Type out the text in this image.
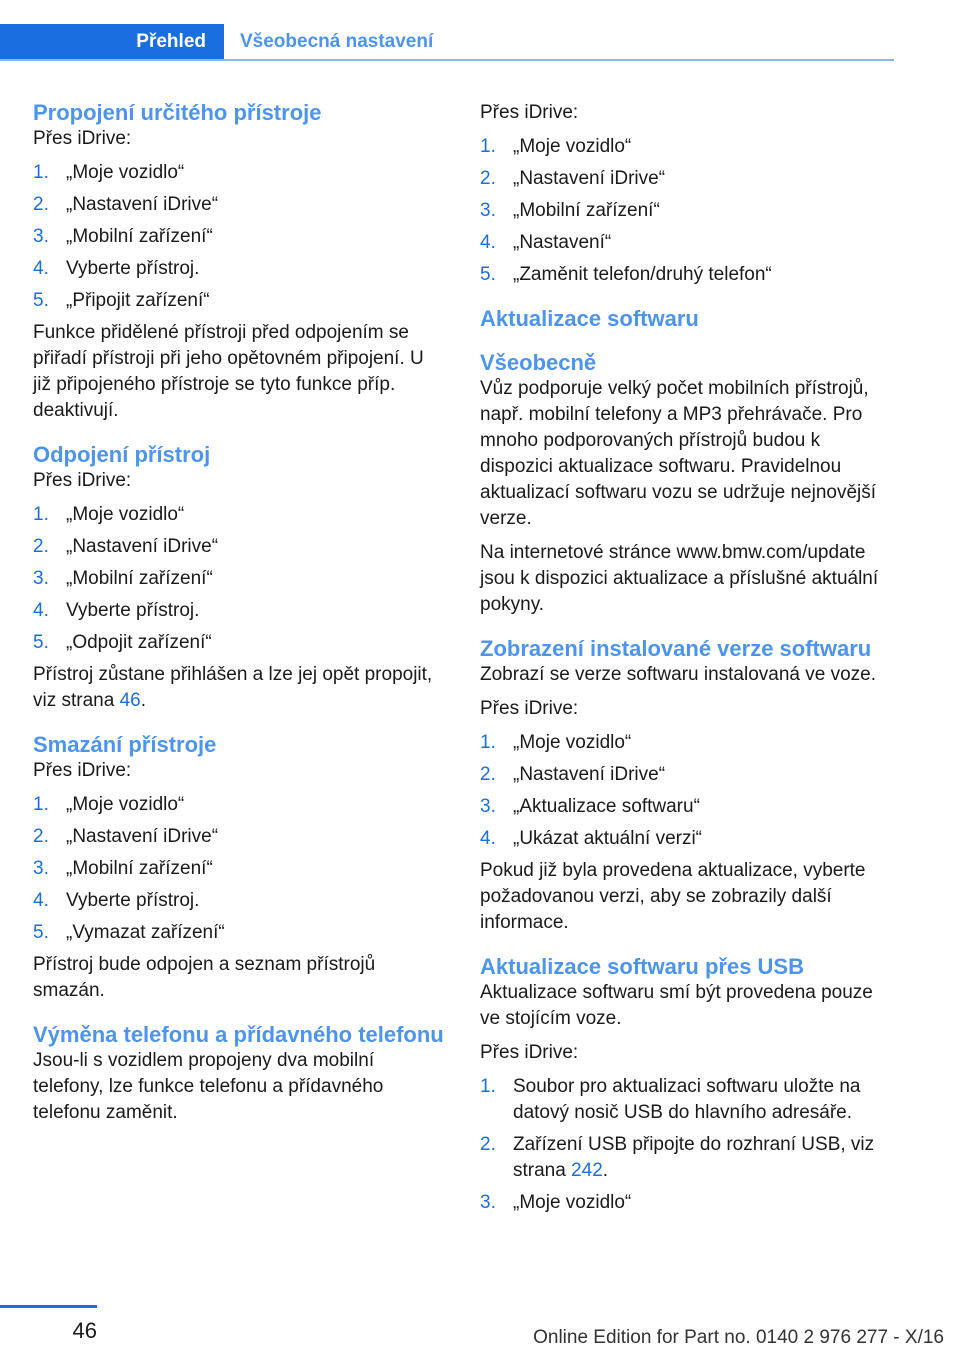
Přehled	Všeobecná nastavení
Propojení určitého přístroje

Přes iDrive:

1. „Moje vozidlo“
2. „Nastavení iDrive“
3. „Mobilní zařízení“
4. Vyberte přístroj.
5. „Připojit zařízení“

Funkce přidělené přístroji před odpojením se přiřadí přístroji při jeho opětovném připojení. U již připojeného přístroje se tyto funkce příp. deaktivují.

Odpojení přístroj

Přes iDrive:

1. „Moje vozidlo“
2. „Nastavení iDrive“
3. „Mobilní zařízení“
4. Vyberte přístroj.
5. „Odpojit zařízení“

Přístroj zůstane přihlášen a lze jej opět propojit, viz strana 46.

Smazání přístroje

Přes iDrive:

1. „Moje vozidlo“
2. „Nastavení iDrive“
3. „Mobilní zařízení“
4. Vyberte přístroj.
5. „Vymazat zařízení“

Přístroj bude odpojen a seznam přístrojů smazán.

Výměna telefonu a přídavného telefonu

Jsou-li s vozidlem propojeny dva mobilní telefony, lze funkce telefonu a přídavného telefonu zaměnit.

Přes iDrive:

1. „Moje vozidlo“
2. „Nastavení iDrive“
3. „Mobilní zařízení“
4. „Nastavení“
5. „Zaměnit telefon/druhý telefon“
Aktualizace softwaru
Všeobecně

Vůz podporuje velký počet mobilních přístrojů, např. mobilní telefony a MP3 přehrávače. Pro mnoho podporovaných přístrojů budou k dispozici aktualizace softwaru. Pravidelnou aktualizací softwaru vozu se udržuje nejnovější verze.

Na internetové stránce www.bmw.com/update jsou k dispozici aktualizace a příslušné aktuální pokyny.

Zobrazení instalované verze softwaru

Zobrazí se verze softwaru instalovaná ve voze.

Přes iDrive:

1. „Moje vozidlo“
2. „Nastavení iDrive“
3. „Aktualizace softwaru“
4. „Ukázat aktuální verzi“

Pokud již byla provedena aktualizace, vyberte požadovanou verzi, aby se zobrazily další informace.

Aktualizace softwaru přes USB

Aktualizace softwaru smí být provedena pouze ve stojícím voze.

Přes iDrive:

1. Soubor pro aktualizaci softwaru uložte na datový nosič USB do hlavního adresáře.
2. Zařízení USB připojte do rozhraní USB, viz strana 242.
3. „Moje vozidlo“
46	Online Edition for Part no. 0140 2 976 277 - X/16
